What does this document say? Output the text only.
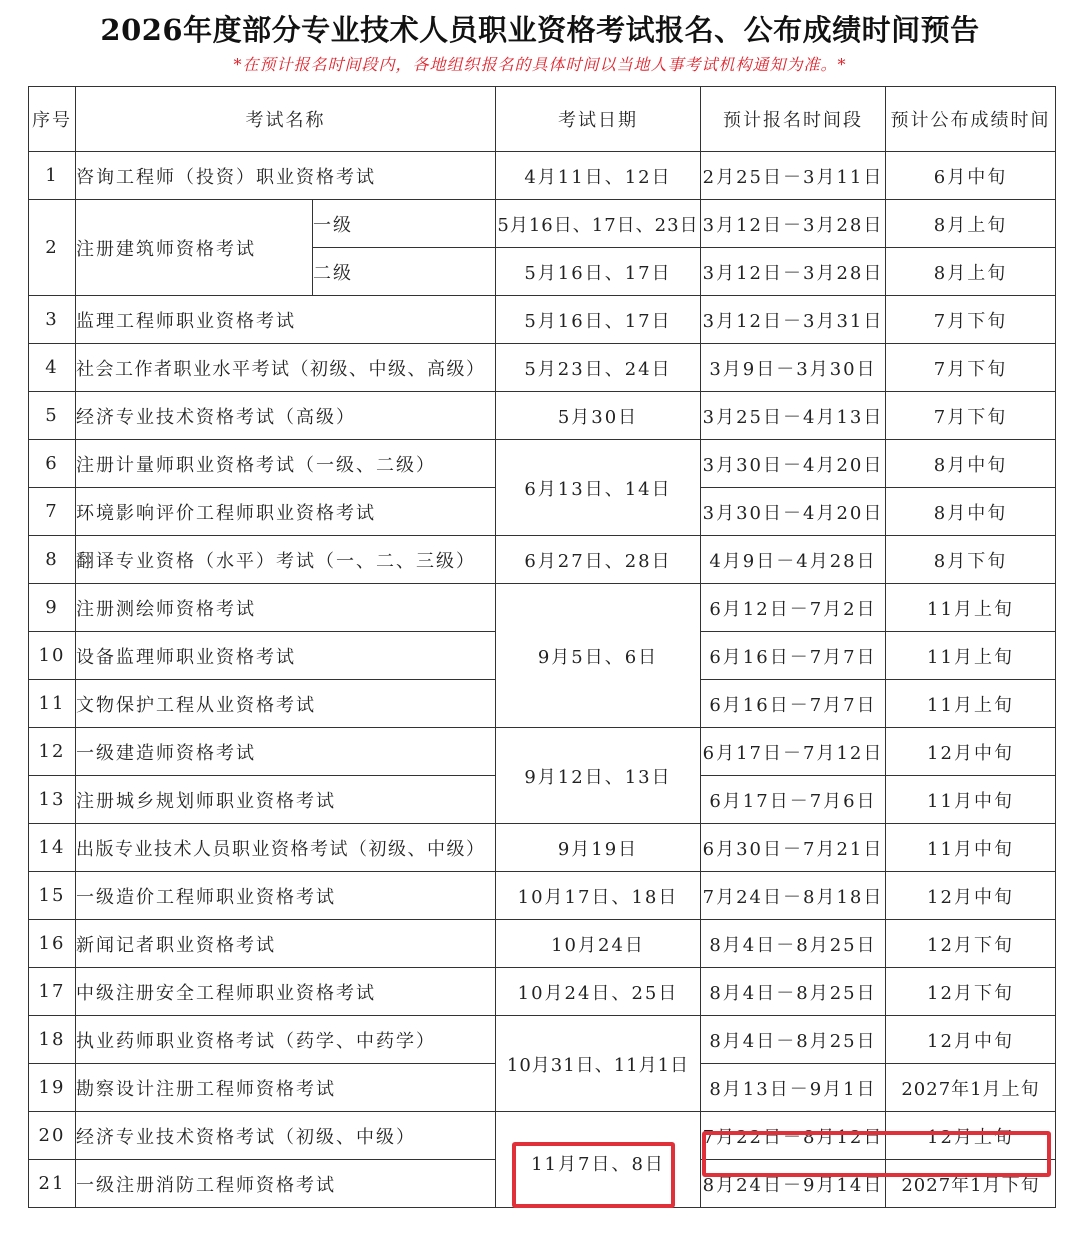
2026年度部分专业技术人员职业资格考试报名、公布成绩时间预告
*在预计报名时间段内，各地组织报名的具体时间以当地人事考试机构通知为准。*
序号	考试名称		考试日期	预计报名时间段	预计公布成绩时间
1	咨询工程师（投资）职业资格考试		4月11日、12日	2月25日－3月11日	6月中旬
2	注册建筑师资格考试	一级	5月16日、17日、23日	3月12日－3月28日	8月上旬
		二级	5月16日、17日	3月12日－3月28日	8月上旬
3	监理工程师职业资格考试		5月16日、17日	3月12日－3月31日	7月下旬
4	社会工作者职业水平考试（初级、中级、高级）		5月23日、24日	3月9日－3月30日	7月下旬
5	经济专业技术资格考试（高级）		5月30日	3月25日－4月13日	7月下旬
6	注册计量师职业资格考试（一级、二级）		6月13日、14日	3月30日－4月20日	8月中旬
7	环境影响评价工程师职业资格考试			3月30日－4月20日	8月中旬
8	翻译专业资格（水平）考试（一、二、三级）		6月27日、28日	4月9日－4月28日	8月下旬
9	注册测绘师资格考试		9月5日、6日	6月12日－7月2日	11月上旬
10	设备监理师职业资格考试			6月16日－7月7日	11月上旬
11	文物保护工程从业资格考试			6月16日－7月7日	11月上旬
12	一级建造师资格考试		9月12日、13日	6月17日－7月12日	12月中旬
13	注册城乡规划师职业资格考试			6月17日－7月6日	11月中旬
14	出版专业技术人员职业资格考试（初级、中级）		9月19日	6月30日－7月21日	11月中旬
15	一级造价工程师职业资格考试		10月17日、18日	7月24日－8月18日	12月中旬
16	新闻记者职业资格考试		10月24日	8月4日－8月25日	12月下旬
17	中级注册安全工程师职业资格考试		10月24日、25日	8月4日－8月25日	12月下旬
18	执业药师职业资格考试（药学、中药学）		10月31日、11月1日	8月4日－8月25日	12月中旬
19	勘察设计注册工程师资格考试			8月13日－9月1日	2027年1月上旬
20	经济专业技术资格考试（初级、中级）		11月7日、8日	7月22日－8月12日	12月上旬
21	一级注册消防工程师资格考试			8月24日－9月14日	2027年1月下旬
